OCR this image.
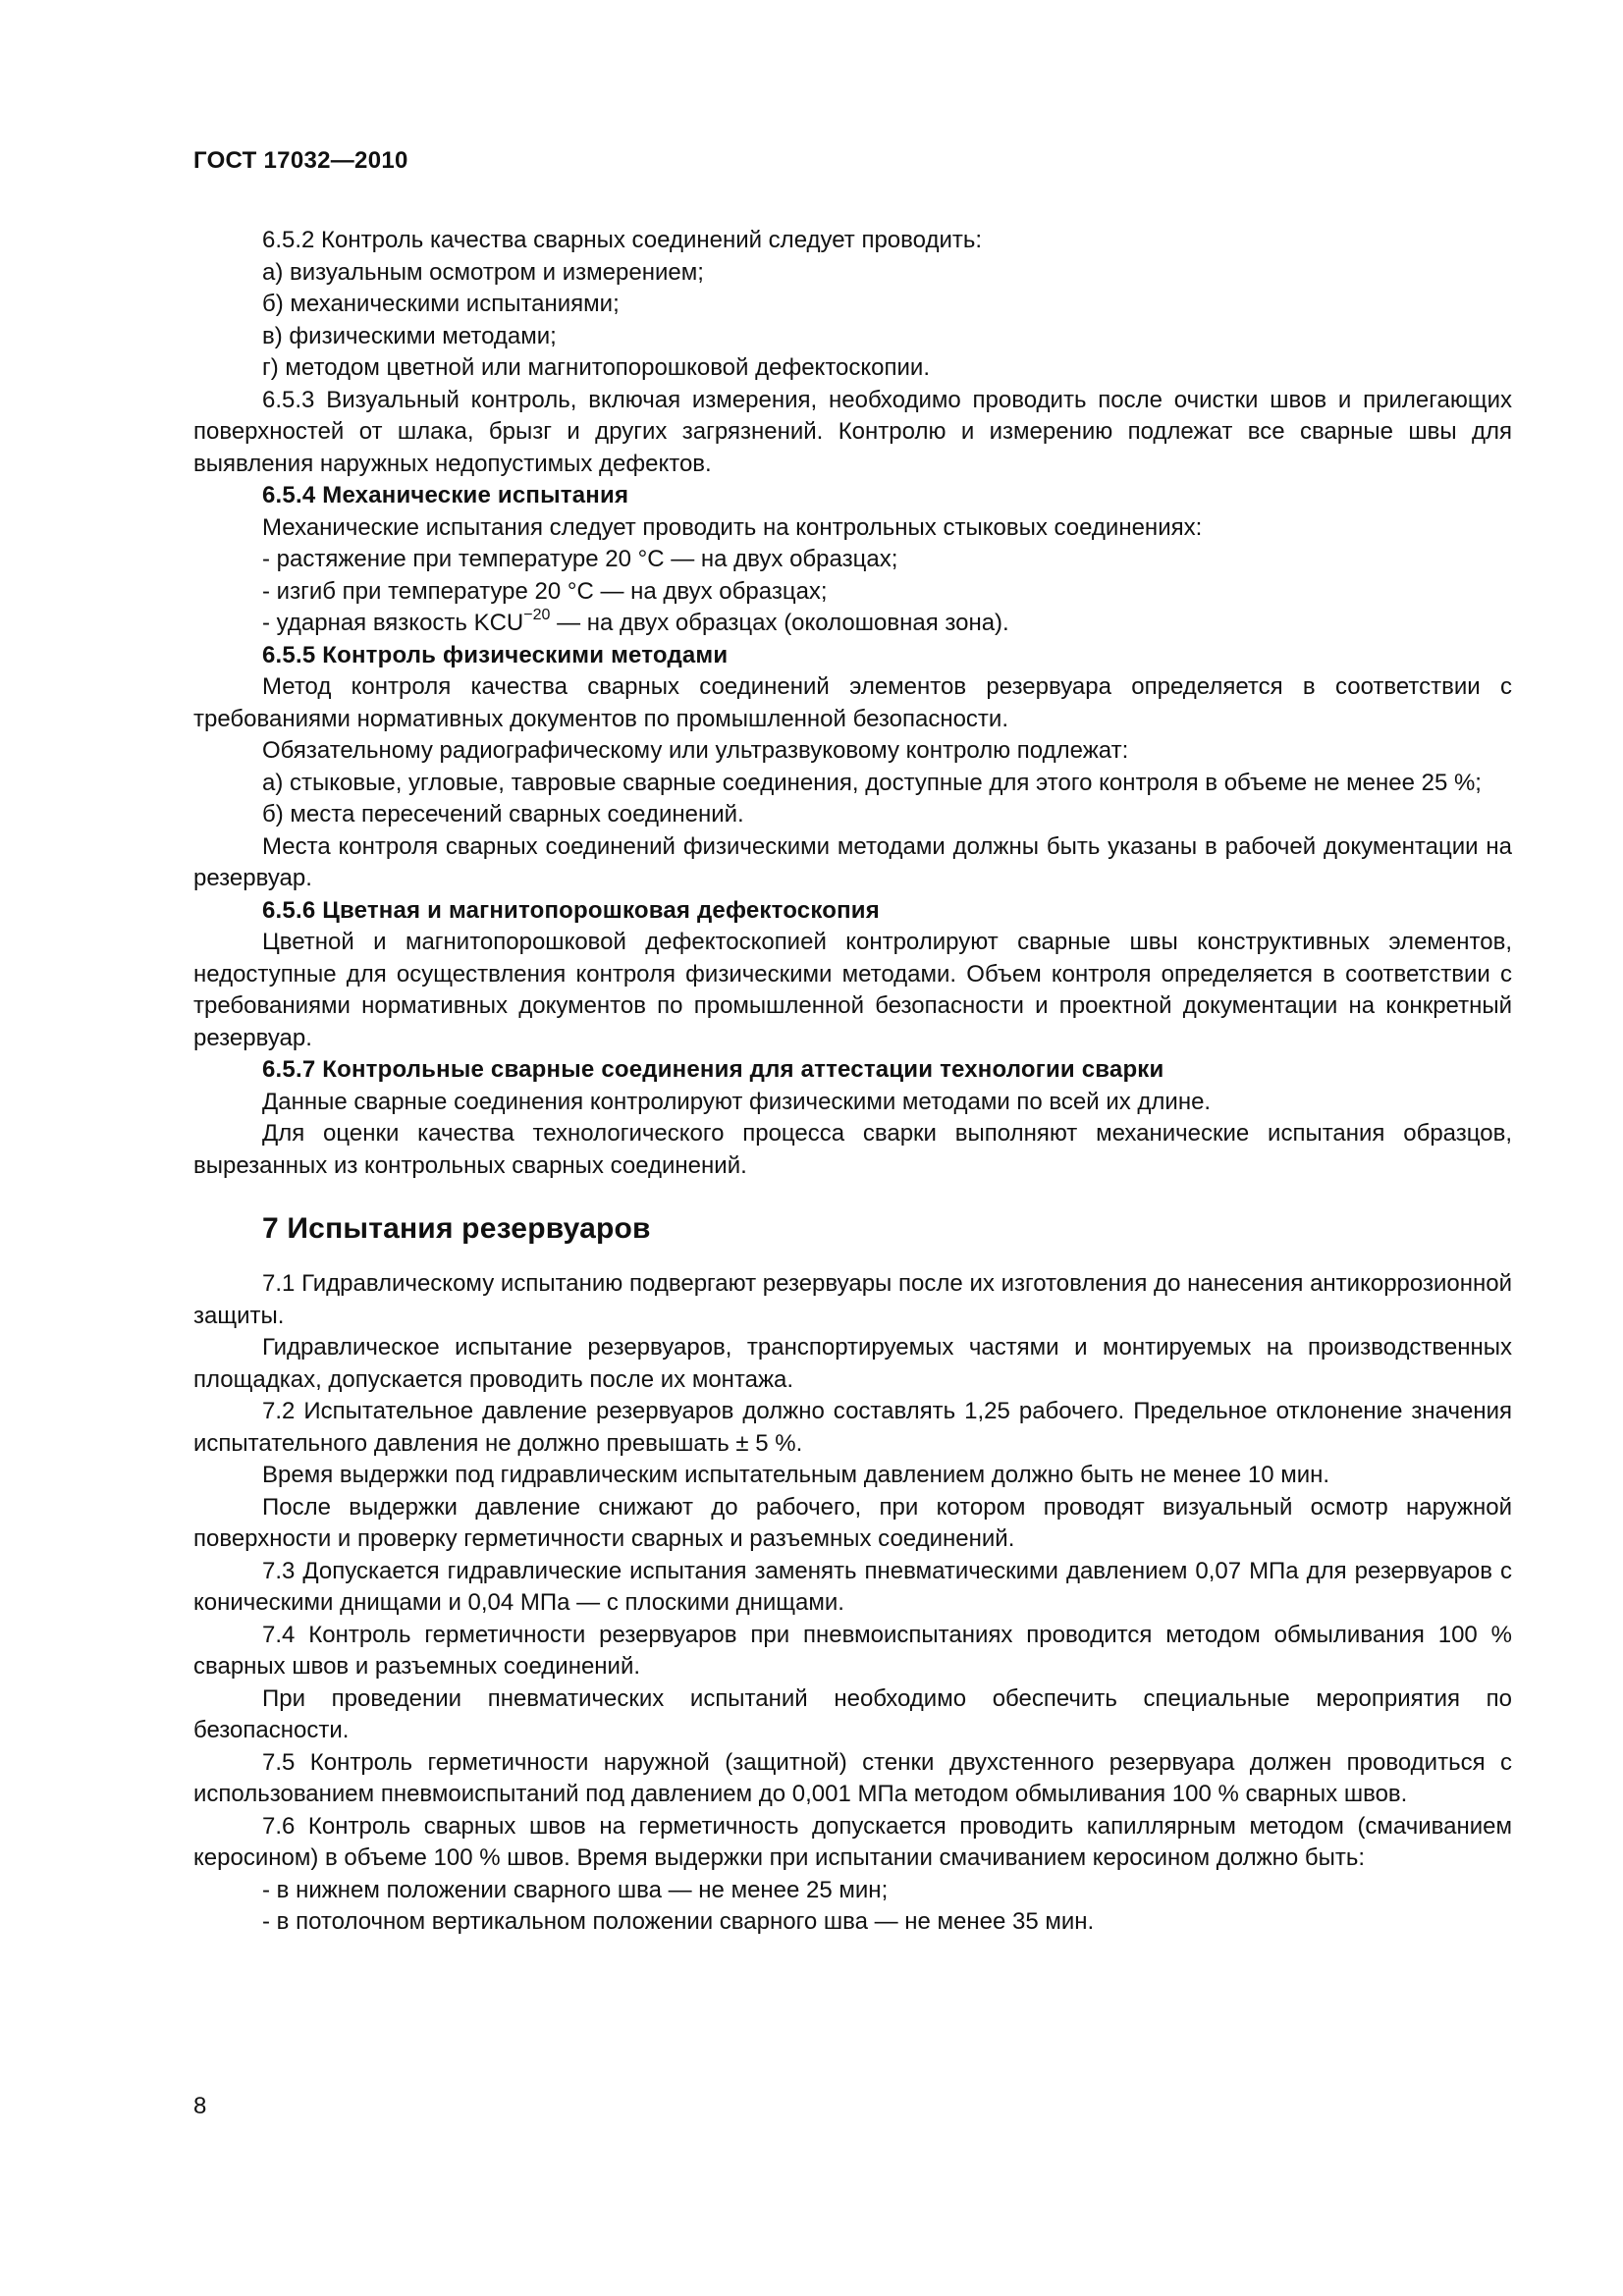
ГОСТ 17032—2010

6.5.2 Контроль качества сварных соединений следует проводить:

а) визуальным осмотром и измерением;

б) механическими испытаниями;

в) физическими методами;

г) методом цветной или магнитопорошковой дефектоскопии.

6.5.3 Визуальный контроль, включая измерения, необходимо проводить после очистки швов и прилегающих поверхностей от шлака, брызг и других загрязнений. Контролю и измерению подлежат все сварные швы для выявления наружных недопустимых дефектов.

6.5.4 Механические испытания

Механические испытания следует проводить на контрольных стыковых соединениях:

- растяжение при температуре 20 °С — на двух образцах;

- изгиб при температуре 20 °С — на двух образцах;

- ударная вязкость $KCU^{-20}$ — на двух образцах (околошовная зона).

6.5.5 Контроль физическими методами

Метод контроля качества сварных соединений элементов резервуара определяется в соответствии с требованиями нормативных документов по промышленной безопасности.

Обязательному радиографическому или ультразвуковому контролю подлежат:

а) стыковые, угловые, тавровые сварные соединения, доступные для этого контроля в объеме не менее 25 %;

б) места пересечений сварных соединений.

Места контроля сварных соединений физическими методами должны быть указаны в рабочей документации на резервуар.

6.5.6 Цветная и магнитопорошковая дефектоскопия

Цветной и магнитопорошковой дефектоскопией контролируют сварные швы конструктивных элементов, недоступные для осуществления контроля физическими методами. Объем контроля определяется в соответствии с требованиями нормативных документов по промышленной безопасности и проектной документации на конкретный резервуар.

6.5.7 Контрольные сварные соединения для аттестации технологии сварки

Данные сварные соединения контролируют физическими методами по всей их длине.

Для оценки качества технологического процесса сварки выполняют механические испытания образцов, вырезанных из контрольных сварных соединений.

7 Испытания резервуаров

7.1 Гидравлическому испытанию подвергают резервуары после их изготовления до нанесения антикоррозионной защиты.

Гидравлическое испытание резервуаров, транспортируемых частями и монтируемых на производственных площадках, допускается проводить после их монтажа.

7.2 Испытательное давление резервуаров должно составлять 1,25 рабочего. Предельное отклонение значения испытательного давления не должно превышать ± 5 %.

Время выдержки под гидравлическим испытательным давлением должно быть не менее 10 мин.

После выдержки давление снижают до рабочего, при котором проводят визуальный осмотр наружной поверхности и проверку герметичности сварных и разъемных соединений.

7.3 Допускается гидравлические испытания заменять пневматическими давлением 0,07 МПа для резервуаров с коническими днищами и 0,04 МПа — с плоскими днищами.

7.4 Контроль герметичности резервуаров при пневмоиспытаниях проводится методом обмыливания 100 % сварных швов и разъемных соединений.

При проведении пневматических испытаний необходимо обеспечить специальные мероприятия по безопасности.

7.5 Контроль герметичности наружной (защитной) стенки двухстенного резервуара должен проводиться с использованием пневмоиспытаний под давлением до 0,001 МПа методом обмыливания 100 % сварных швов.

7.6 Контроль сварных швов на герметичность допускается проводить капиллярным методом (смачиванием керосином) в объеме 100 % швов. Время выдержки при испытании смачиванием керосином должно быть:

- в нижнем положении сварного шва — не менее 25 мин;

- в потолочном вертикальном положении сварного шва — не менее 35 мин.

8
